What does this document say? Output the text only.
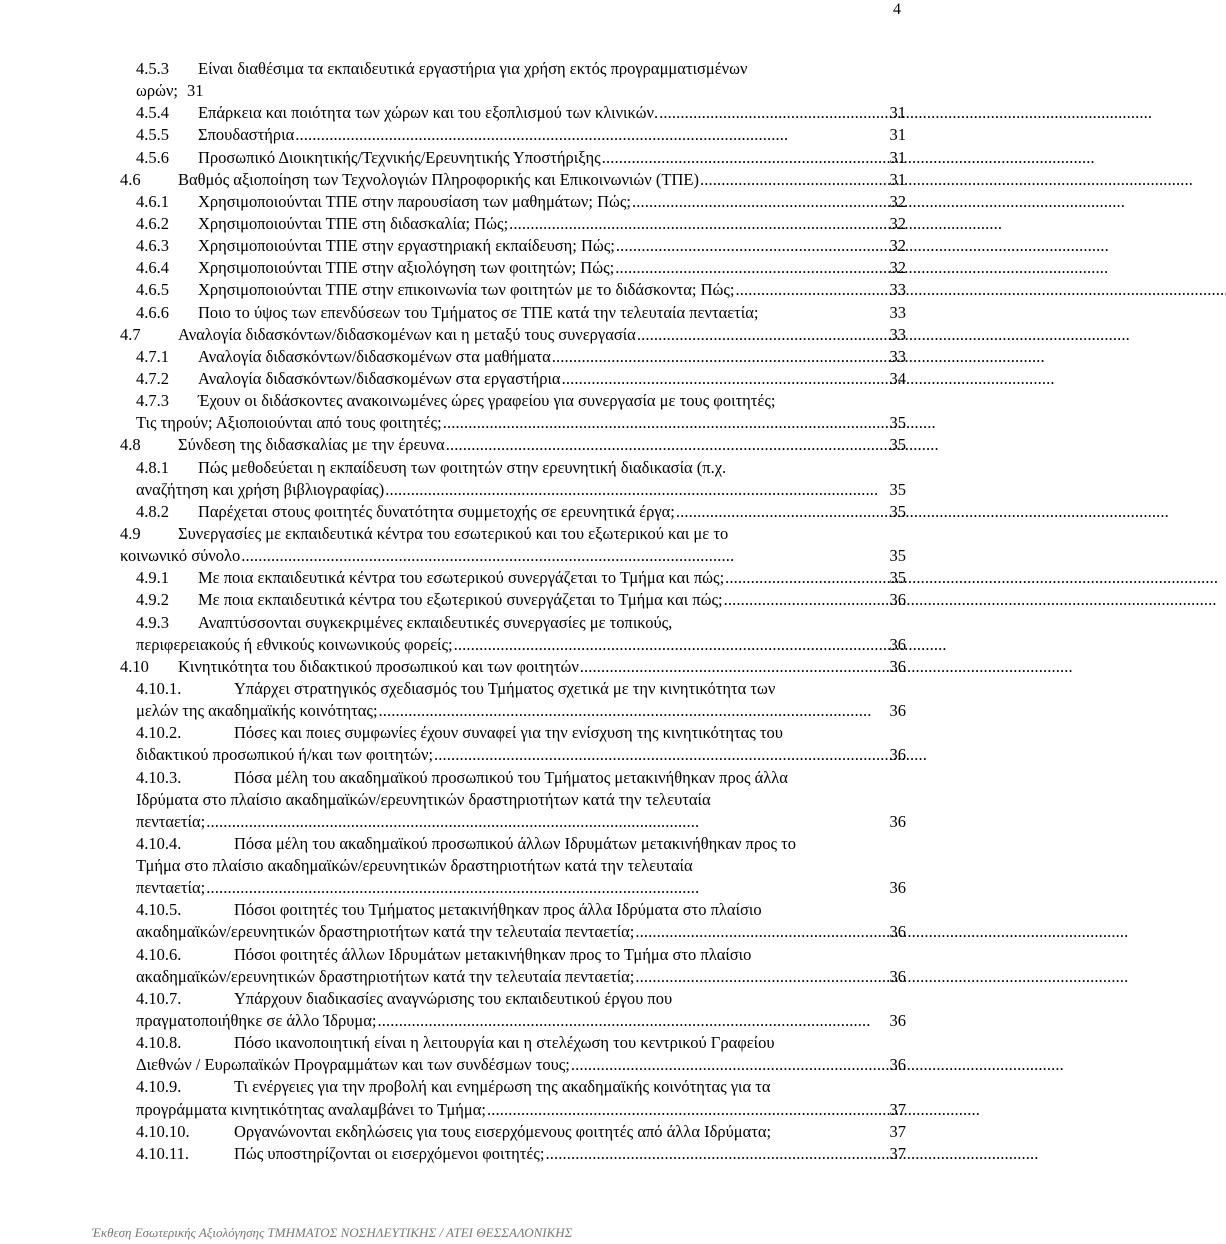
4
4.5.3	Είναι διαθέσιμα τα εκπαιδευτικά εργαστήρια για χρήση εκτός προγραμματισμένων
ωρών; 31
4.5.4	Επάρκεια και ποιότητα των χώρων και του εξοπλισμού των κλινικών. . . .	31
4.5.5	Σπουδαστήρια . . .	31
4.5.6	Προσωπικό Διοικητικής/Τεχνικής/Ερευνητικής Υποστήριξης . . .	31
4.6	Βαθμός αξιοποίηση των Τεχνολογιών Πληροφορικής και Επικοινωνιών (ΤΠΕ) . . .	31
4.6.1	Χρησιμοποιούνται ΤΠΕ στην παρουσίαση των μαθημάτων; Πώς; . . .	32
4.6.2	Χρησιμοποιούνται ΤΠΕ στη διδασκαλία; Πώς; . . .	32
4.6.3	Χρησιμοποιούνται ΤΠΕ στην εργαστηριακή εκπαίδευση; Πώς; . . .	32
4.6.4	Χρησιμοποιούνται ΤΠΕ στην αξιολόγηση των φοιτητών; Πώς; . . .	32
4.6.5	Χρησιμοποιούνται ΤΠΕ στην επικοινωνία των φοιτητών με το διδάσκοντα; Πώς; . . .	33
4.6.6	Ποιο το ύψος των επενδύσεων του Τμήματος σε ΤΠΕ κατά την τελευταία πενταετία;	33
4.7	Αναλογία διδασκόντων/διδασκομένων και η μεταξύ τους συνεργασία . . .	33
4.7.1	Αναλογία διδασκόντων/διδασκομένων στα μαθήματα . . .	33
4.7.2	Αναλογία διδασκόντων/διδασκομένων στα εργαστήρια . . .	34
4.7.3	Έχουν οι διδάσκοντες ανακοινωμένες ώρες γραφείου για συνεργασία με τους φοιτητές;
Τις τηρούν; Αξιοποιούνται από τους φοιτητές; . . .	35
4.8	Σύνδεση της διδασκαλίας με την έρευνα . . .	35
4.8.1	Πώς μεθοδεύεται η εκπαίδευση των φοιτητών στην ερευνητική διαδικασία (π.χ.
αναζήτηση και χρήση βιβλιογραφίας) . . .	35
4.8.2	Παρέχεται στους φοιτητές δυνατότητα συμμετοχής σε ερευνητικά έργα; . . .	35
4.9	Συνεργασίες με εκπαιδευτικά κέντρα του εσωτερικού και του εξωτερικού και με το
κοινωνικό σύνολο . . .	35
4.9.1	Με ποια εκπαιδευτικά κέντρα του εσωτερικού συνεργάζεται το Τμήμα και πώς; . . .	35
4.9.2	Με ποια εκπαιδευτικά κέντρα του εξωτερικού συνεργάζεται το Τμήμα και πώς; . . .	36
4.9.3	Αναπτύσσονται συγκεκριμένες εκπαιδευτικές συνεργασίες με τοπικούς,
περιφερειακούς ή εθνικούς κοινωνικούς φορείς; . . .	36
4.10	Κινητικότητα του διδακτικού προσωπικού και των φοιτητών . . .	36
4.10.1.	Υπάρχει στρατηγικός σχεδιασμός του Τμήματος σχετικά με την κινητικότητα των
μελών της ακαδημαϊκής κοινότητας; . . .	36
4.10.2.	Πόσες και ποιες συμφωνίες έχουν συναφεί για την ενίσχυση της κινητικότητας του
διδακτικού προσωπικού ή/και των φοιτητών; . . .	36
4.10.3.	Πόσα μέλη του ακαδημαϊκού προσωπικού του Τμήματος μετακινήθηκαν προς άλλα
Ιδρύματα στο πλαίσιο ακαδημαϊκών/ερευνητικών δραστηριοτήτων κατά την τελευταία
πενταετία; . . .	36
4.10.4.	Πόσα μέλη του ακαδημαϊκού προσωπικού άλλων Ιδρυμάτων μετακινήθηκαν προς το
Τμήμα στο πλαίσιο ακαδημαϊκών/ερευνητικών δραστηριοτήτων κατά την τελευταία
πενταετία; . . .	36
4.10.5.	Πόσοι φοιτητές του Τμήματος μετακινήθηκαν προς άλλα Ιδρύματα στο πλαίσιο
ακαδημαϊκών/ερευνητικών δραστηριοτήτων κατά την τελευταία πενταετία; . . .	36
4.10.6.	Πόσοι φοιτητές άλλων Ιδρυμάτων μετακινήθηκαν προς το Τμήμα στο πλαίσιο
ακαδημαϊκών/ερευνητικών δραστηριοτήτων κατά την τελευταία πενταετία; . . .	36
4.10.7.	Υπάρχουν διαδικασίες αναγνώρισης του εκπαιδευτικού έργου που
πραγματοποιήθηκε σε άλλο Ίδρυμα; . . .	36
4.10.8.	Πόσο ικανοποιητική είναι η λειτουργία και η στελέχωση του κεντρικού Γραφείου
Διεθνών / Ευρωπαϊκών Προγραμμάτων και των συνδέσμων τους; . . .	36
4.10.9.	Τι ενέργειες για την προβολή και ενημέρωση της ακαδημαϊκής κοινότητας για τα
προγράμματα κινητικότητας αναλαμβάνει το Τμήμα; . . .	37
4.10.10.	Οργανώνονται εκδηλώσεις για τους εισερχόμενους φοιτητές από άλλα Ιδρύματα;	37
4.10.11.	Πώς υποστηρίζονται οι εισερχόμενοι φοιτητές; . . .	37
Έκθεση Εσωτερικής Αξιολόγησης ΤΜΗΜΑΤΟΣ ΝΟΣΗΛΕΥΤΙΚΗΣ / ΑΤΕΙ ΘΕΣΣΑΛΟΝΙΚΗΣ
